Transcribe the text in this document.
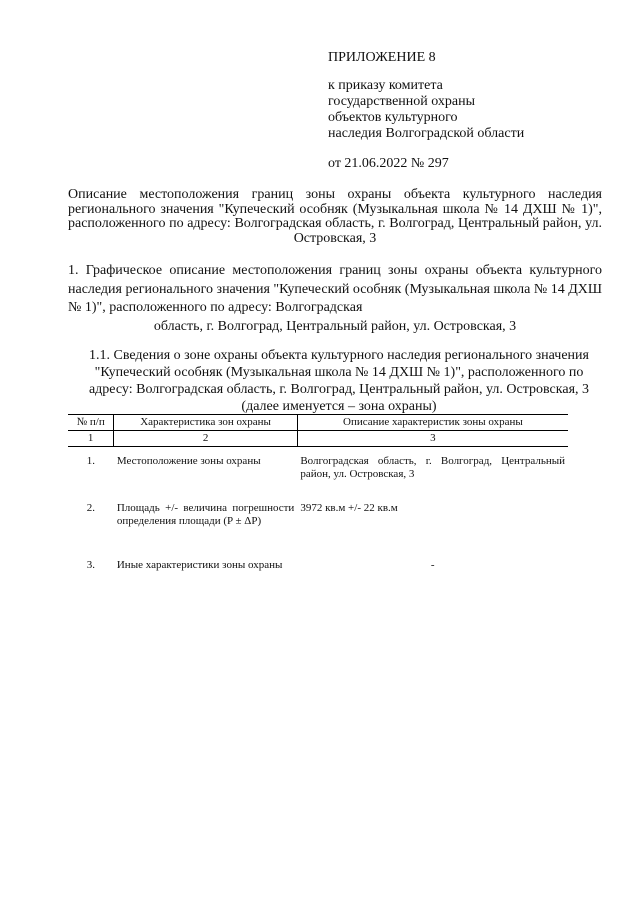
ПРИЛОЖЕНИЕ 8
к приказу комитета
государственной охраны
объектов культурного
наследия Волгоградской области
от 21.06.2022 № 297
Описание местоположения границ зоны охраны объекта культурного наследия регионального значения "Купеческий особняк (Музыкальная школа № 14 ДХШ № 1)", расположенного по адресу: Волгоградская область, г. Волгоград, Центральный район, ул. Островская, 3
1. Графическое описание местоположения границ зоны охраны объекта культурного наследия регионального значения "Купеческий особняк (Музыкальная школа № 14 ДХШ № 1)", расположенного по адресу: Волгоградская
область, г. Волгоград, Центральный район, ул. Островская, 3
1.1. Сведения о зоне охраны объекта культурного наследия регионального значения "Купеческий особняк (Музыкальная школа № 14 ДХШ № 1)", расположенного по адресу: Волгоградская область, г. Волгоград, Центральный район, ул. Островская, 3 (далее именуется – зона охраны)
№ п/п	Характеристика зон охраны	Описание характеристик зоны охраны
1	2	3
1.	Местоположение зоны охраны	Волгоградская область, г. Волгоград, Центральный район, ул. Островская, 3
2.	Площадь +/- величина погрешности определения площади (P ± ΔP)	3972 кв.м +/- 22 кв.м
3.	Иные характеристики зоны охраны	-
